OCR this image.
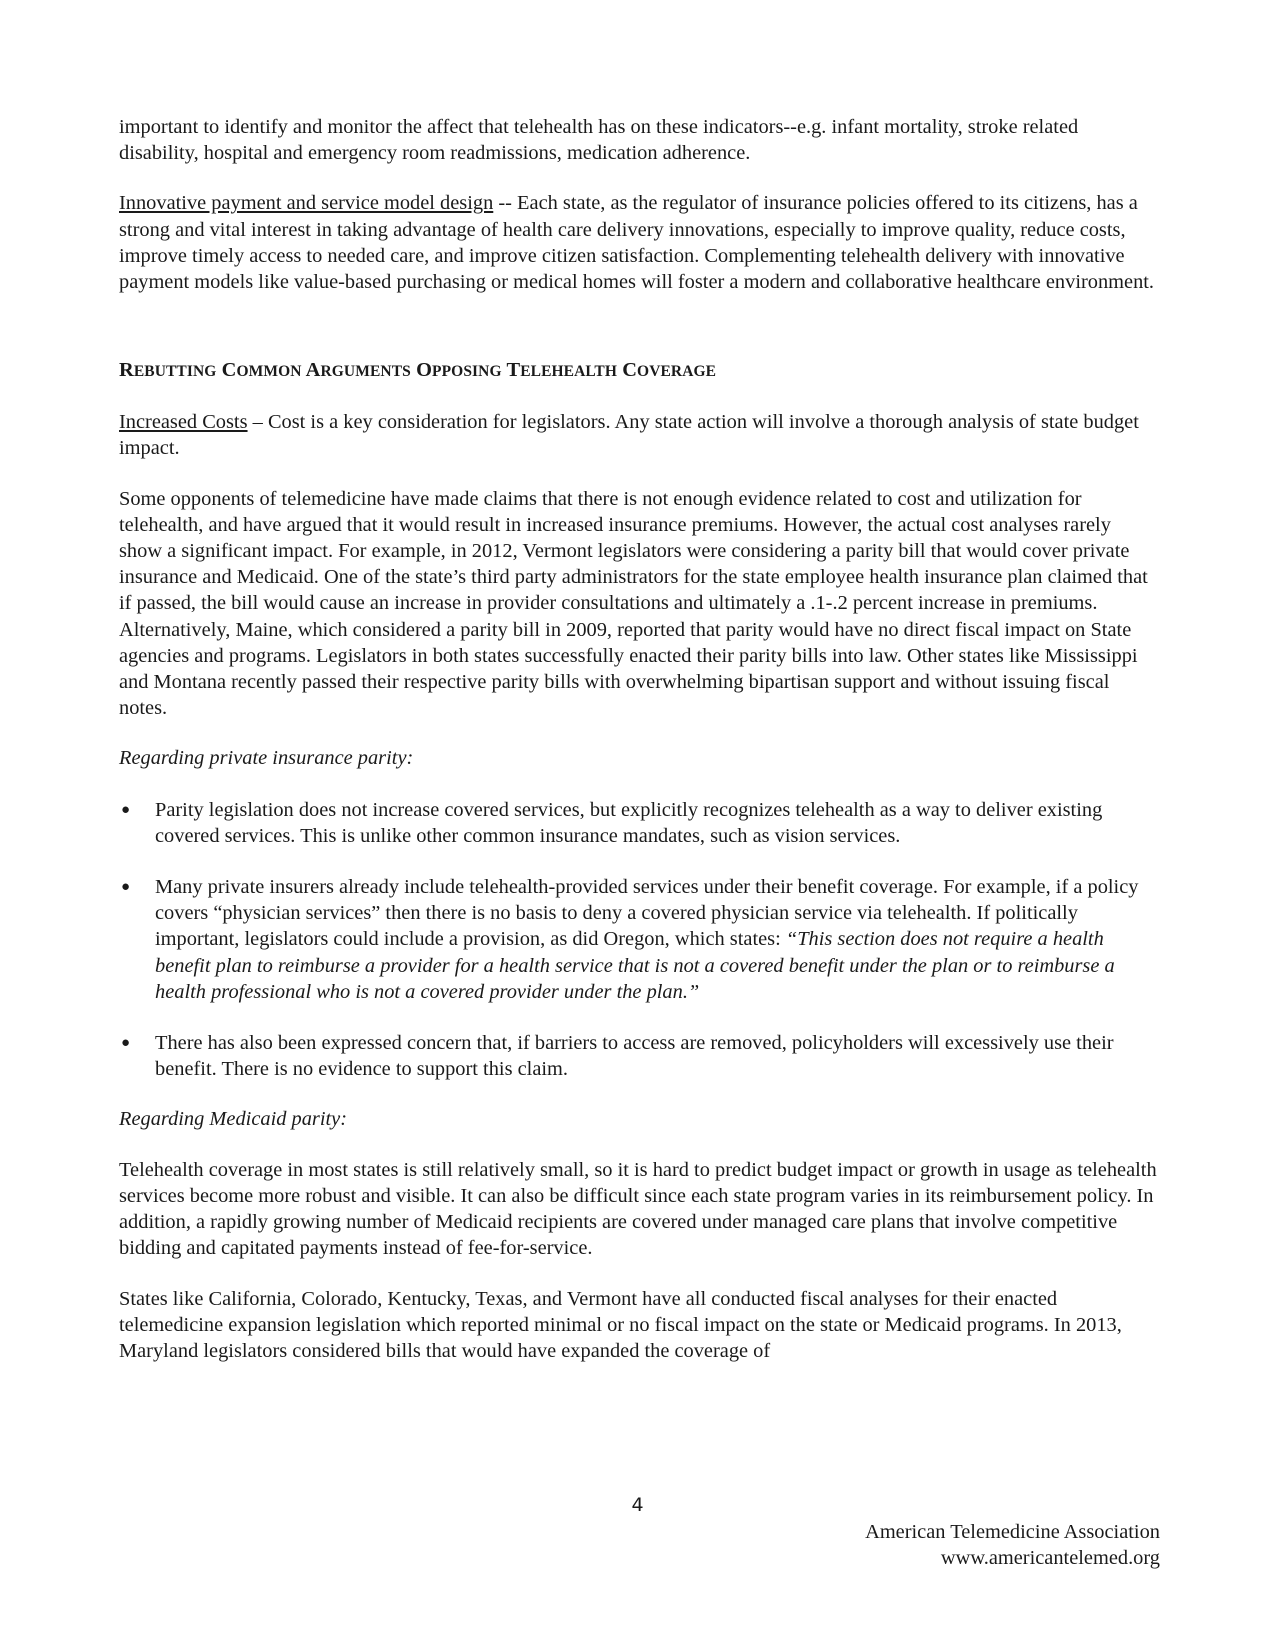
important to identify and monitor the affect that telehealth has on these indicators--e.g. infant mortality, stroke related disability, hospital and emergency room readmissions, medication adherence.

Innovative payment and service model design -- Each state, as the regulator of insurance policies offered to its citizens, has a strong and vital interest in taking advantage of health care delivery innovations, especially to improve quality, reduce costs, improve timely access to needed care, and improve citizen satisfaction. Complementing telehealth delivery with innovative payment models like value-based purchasing or medical homes will foster a modern and collaborative healthcare environment.

REBUTTING COMMON ARGUMENTS OPPOSING TELEHEALTH COVERAGE

Increased Costs – Cost is a key consideration for legislators. Any state action will involve a thorough analysis of state budget impact.

Some opponents of telemedicine have made claims that there is not enough evidence related to cost and utilization for telehealth, and have argued that it would result in increased insurance premiums. However, the actual cost analyses rarely show a significant impact. For example, in 2012, Vermont legislators were considering a parity bill that would cover private insurance and Medicaid. One of the state’s third party administrators for the state employee health insurance plan claimed that if passed, the bill would cause an increase in provider consultations and ultimately a .1-.2 percent increase in premiums. Alternatively, Maine, which considered a parity bill in 2009, reported that parity would have no direct fiscal impact on State agencies and programs. Legislators in both states successfully enacted their parity bills into law. Other states like Mississippi and Montana recently passed their respective parity bills with overwhelming bipartisan support and without issuing fiscal notes.

Regarding private insurance parity:

● Parity legislation does not increase covered services, but explicitly recognizes telehealth as a way to deliver existing covered services. This is unlike other common insurance mandates, such as vision services.

● Many private insurers already include telehealth-provided services under their benefit coverage. For example, if a policy covers “physician services” then there is no basis to deny a covered physician service via telehealth. If politically important, legislators could include a provision, as did Oregon, which states: “This section does not require a health benefit plan to reimburse a provider for a health service that is not a covered benefit under the plan or to reimburse a health professional who is not a covered provider under the plan.”

● There has also been expressed concern that, if barriers to access are removed, policyholders will excessively use their benefit. There is no evidence to support this claim.

Regarding Medicaid parity:

Telehealth coverage in most states is still relatively small, so it is hard to predict budget impact or growth in usage as telehealth services become more robust and visible. It can also be difficult since each state program varies in its reimbursement policy. In addition, a rapidly growing number of Medicaid recipients are covered under managed care plans that involve competitive bidding and capitated payments instead of fee-for-service.

States like California, Colorado, Kentucky, Texas, and Vermont have all conducted fiscal analyses for their enacted telemedicine expansion legislation which reported minimal or no fiscal impact on the state or Medicaid programs. In 2013, Maryland legislators considered bills that would have expanded the coverage of

4
American Telemedicine Association
www.americantelemed.org
